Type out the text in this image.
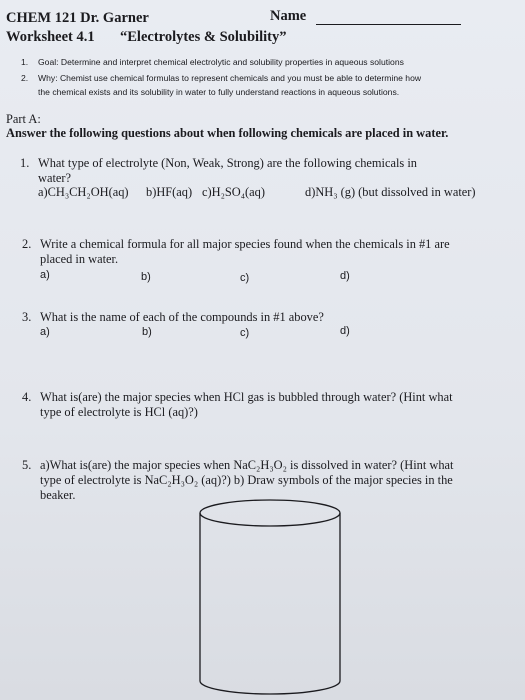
CHEM 121 Dr. Garner	Name
Worksheet 4.1 “Electrolytes & Solubility”
1. Goal: Determine and interpret chemical electrolytic and solubility properties in aqueous solutions
2. Why: Chemist use chemical formulas to represent chemicals and you must be able to determine how
the chemical exists and its solubility in water to fully understand reactions in aqueous solutions.
Part A:
Answer the following questions about when following chemicals are placed in water.
1. What type of electrolyte (Non, Weak, Strong) are the following chemicals in
water?
a)CH₃CH₂OH(aq) b)HF(aq) c)H₂SO₄(aq)	d)NH₃ (g) (but dissolved in water)
2. Write a chemical formula for all major species found when the chemicals in #1 are
placed in water.
a)	b)	c)	d)
3. What is the name of each of the compounds in #1 above?
a)	b)	c)	d)
4. What is(are) the major species when HCl gas is bubbled through water? (Hint what
type of electrolyte is HCl (aq)?)
5. a)What is(are) the major species when NaC₂H₃O₂ is dissolved in water? (Hint what
type of electrolyte is NaC₂H₃O₂ (aq)?) b) Draw symbols of the major species in the
beaker.
